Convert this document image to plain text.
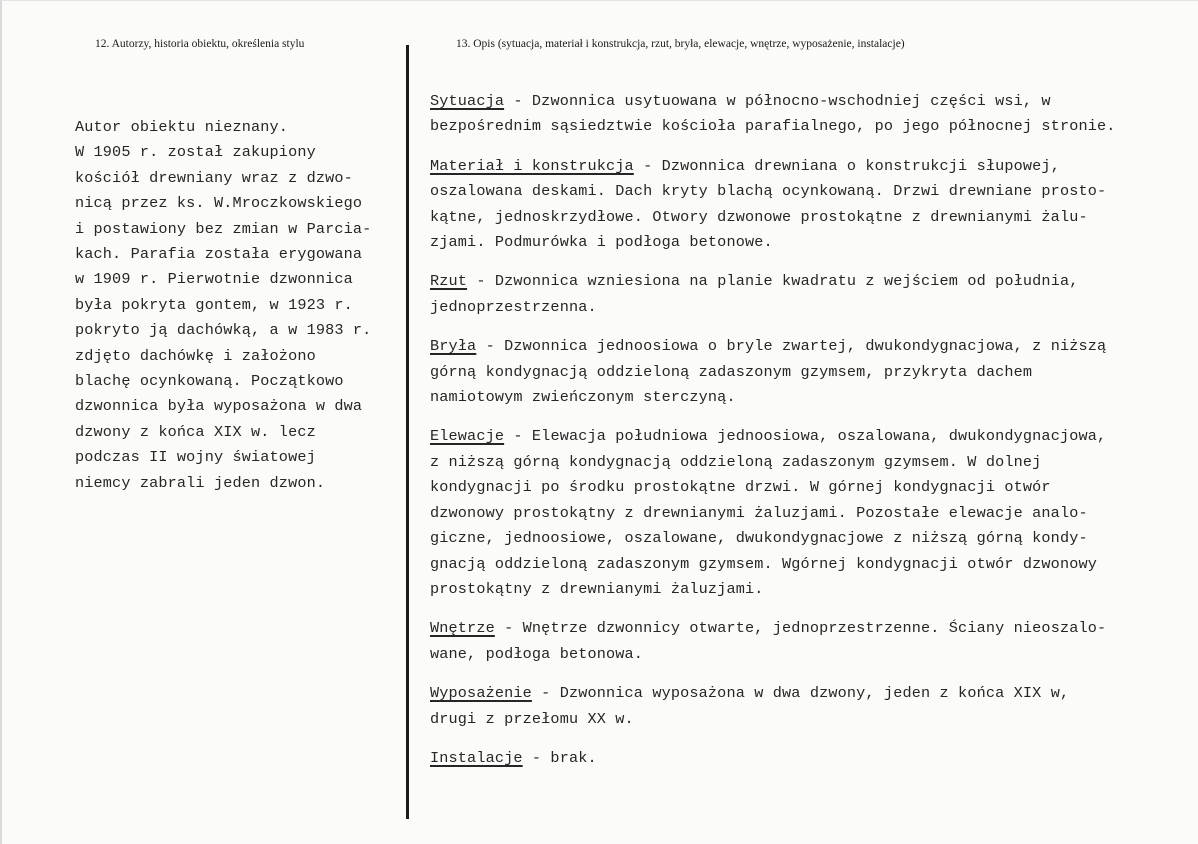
12. Autorzy, historia obiektu, określenia stylu	13. Opis (sytuacja, materiał i konstrukcja, rzut, bryła, elewacje, wnętrze, wyposażenie, instalacje)
Autor obiektu nieznany.
W 1905 r. został zakupiony
kościół drewniany wraz z dzwo-
nicą przez ks. W.Mroczkowskiego
i postawiony bez zmian w Parcia-
kach. Parafia została erygowana
w 1909 r. Pierwotnie dzwonnica
była pokryta gontem, w 1923 r.
pokryto ją dachówką, a w 1983 r.
zdjęto dachówkę i założono
blachę ocynkowaną. Początkowo
dzwonnica była wyposażona w dwa
dzwony z końca XIX w. lecz
podczas II wojny światowej
niemcy zabrali jeden dzwon.
Sytuacja - Dzwonnica usytuowana w północno-wschodniej części wsi, w
bezpośrednim sąsiedztwie kościoła parafialnego, po jego północnej stronie.
Materiał i konstrukcja - Dzwonnica drewniana o konstrukcji słupowej,
oszalowana deskami. Dach kryty blachą ocynkowaną. Drzwi drewniane prosto-
kątne, jednoskrzydłowe. Otwory dzwonowe prostokątne z drewnianymi żalu-
zjami. Podmurówka i podłoga betonowe.
Rzut - Dzwonnica wzniesiona na planie kwadratu z wejściem od południa,
jednoprzestrzenna.
Bryła - Dzwonnica jednoosiowa o bryle zwartej, dwukondygnacjowa, z niższą
górną kondygnacją oddzieloną zadaszonym gzymsem, przykryta dachem
namiotowym zwieńczonym sterczyną.
Elewacje - Elewacja południowa jednoosiowa, oszalowana, dwukondygnacjowa,
z niższą górną kondygnacją oddzieloną zadaszonym gzymsem. W dolnej
kondygnacji po środku prostokątne drzwi. W górnej kondygnacji otwór
dzwonowy prostokątny z drewnianymi żaluzjami. Pozostałe elewacje analo-
giczne, jednoosiowe, oszalowane, dwukondygnacjowe z niższą górną kondy-
gnacją oddzieloną zadaszonym gzymsem. Wgórnej kondygnacji otwór dzwonowy
prostokątny z drewnianymi żaluzjami.
Wnętrze - Wnętrze dzwonnicy otwarte, jednoprzestrzenne. Ściany nieoszalo-
wane, podłoga betonowa.
Wyposażenie - Dzwonnica wyposażona w dwa dzwony, jeden z końca XIX w,
drugi z przełomu XX w.
Instalacje - brak.
